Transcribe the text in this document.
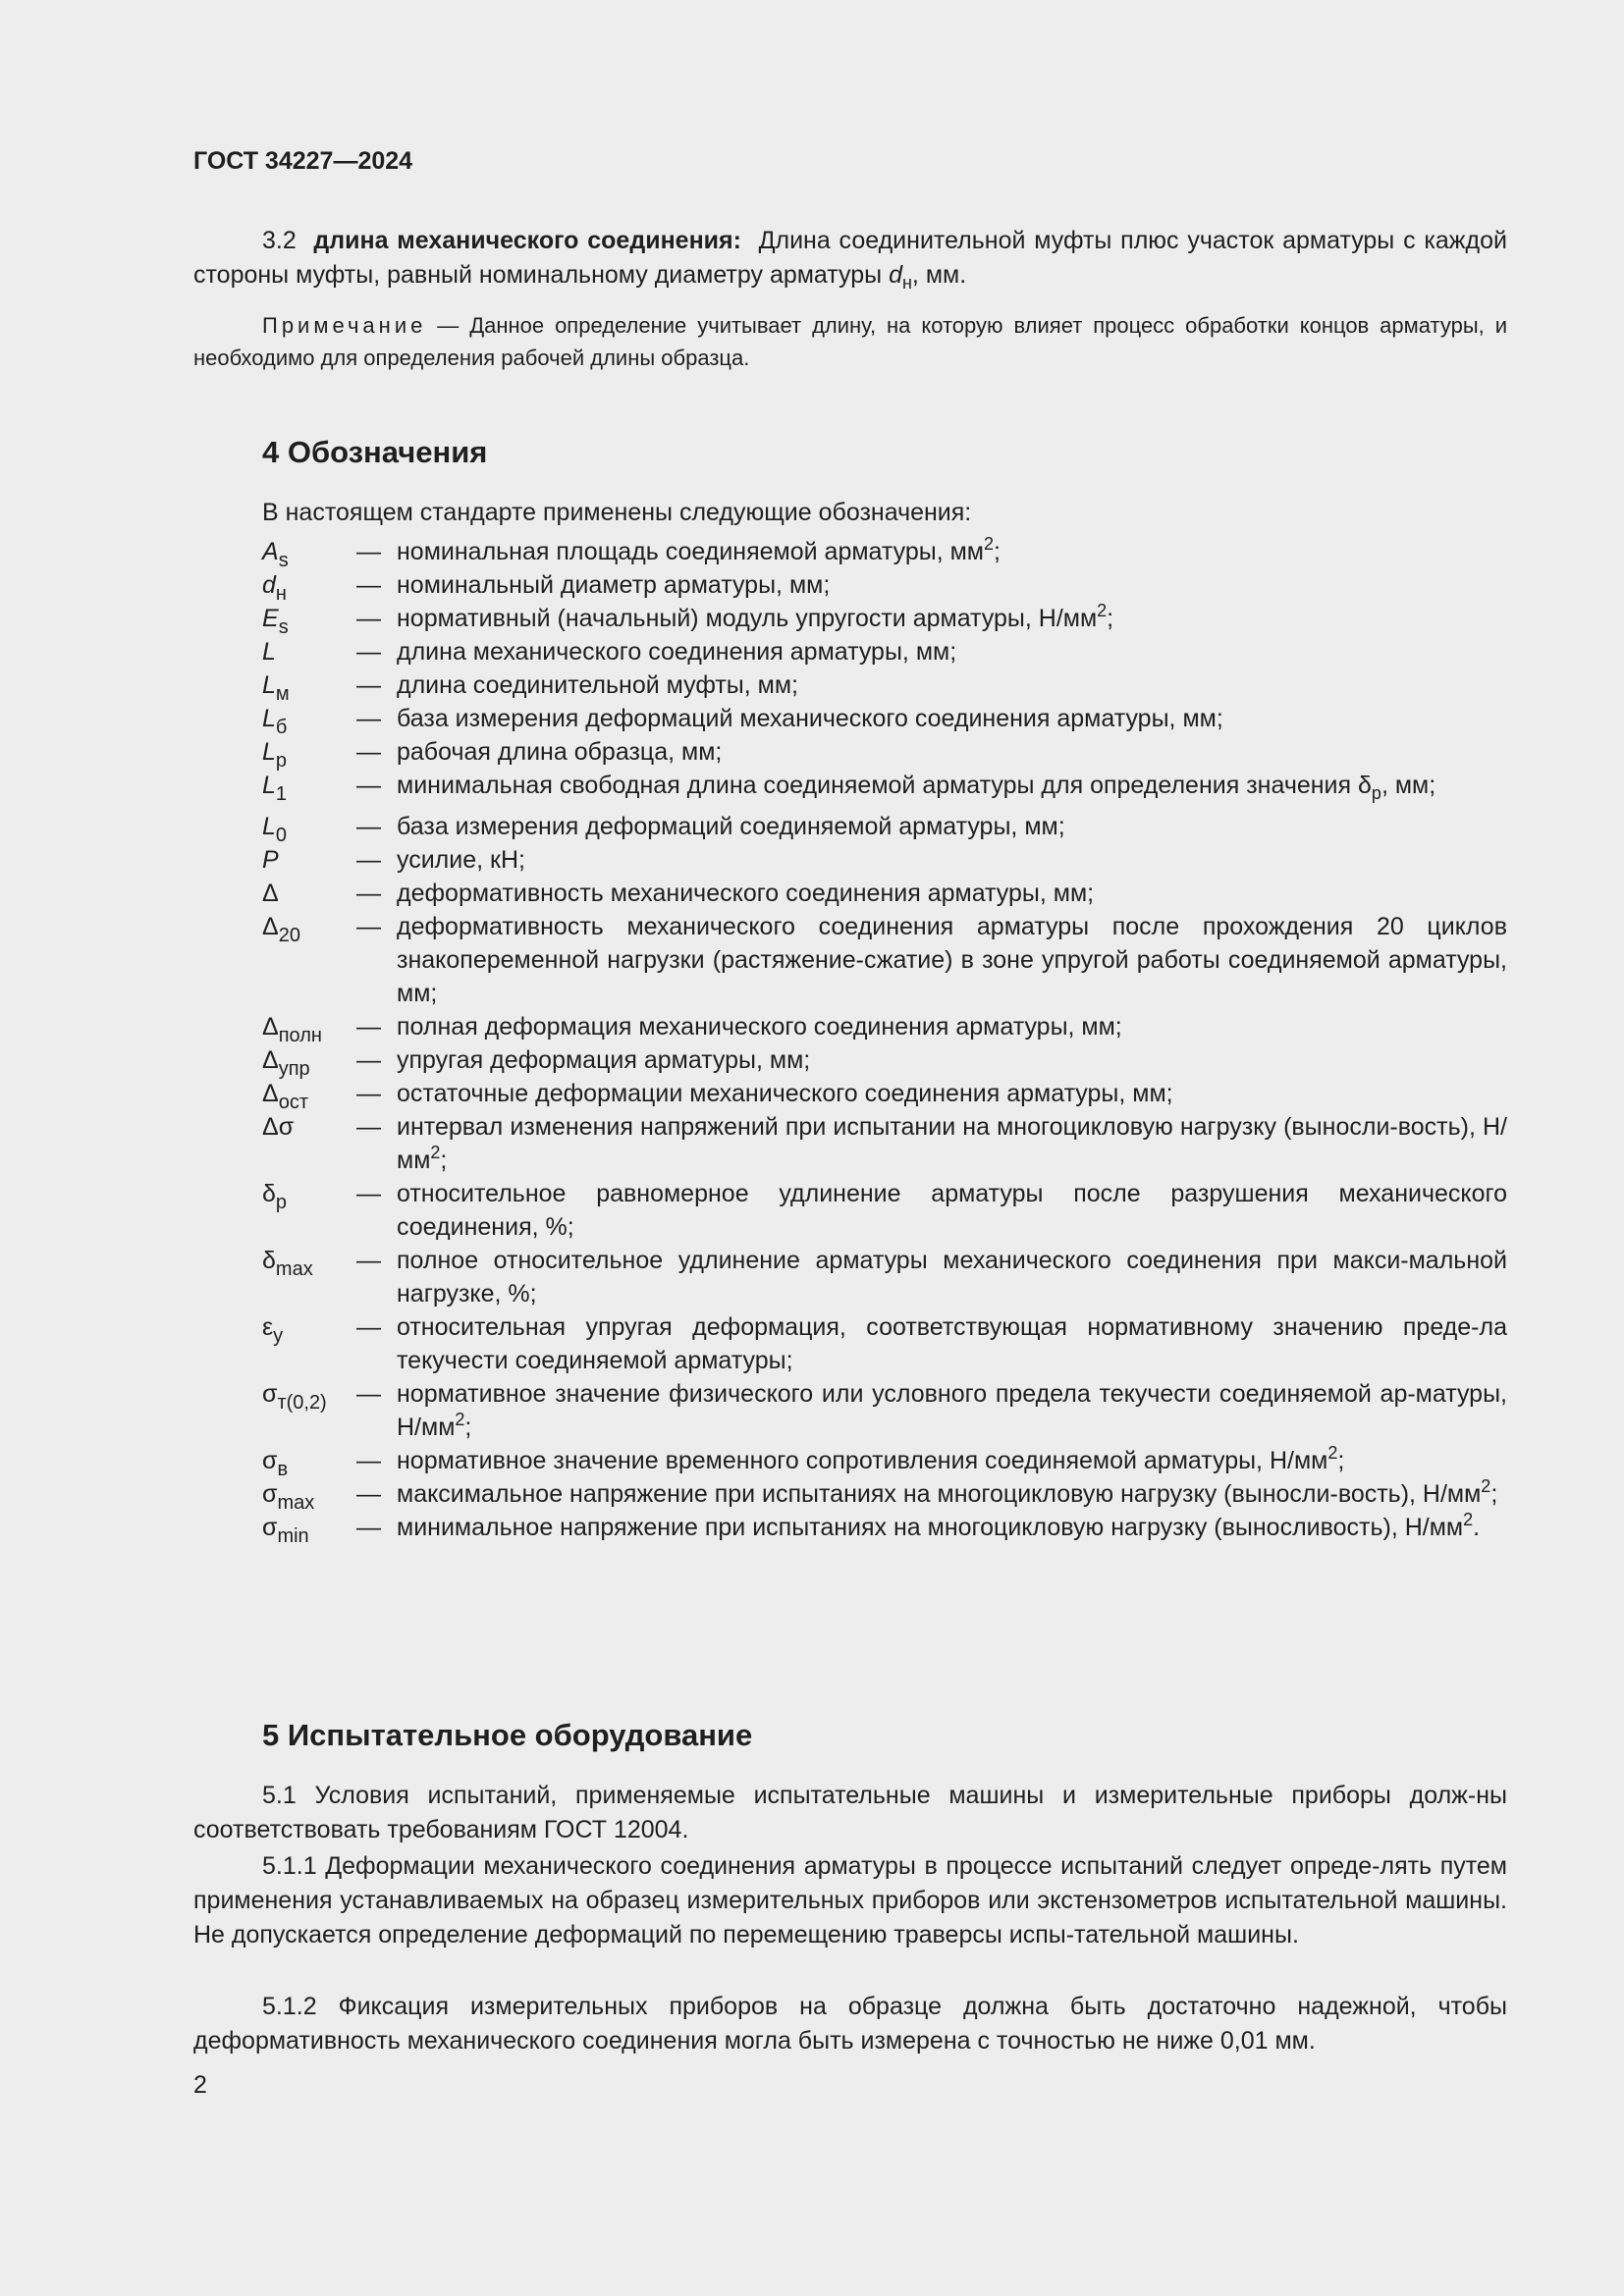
ГОСТ 34227—2024
3.2 длина механического соединения: Длина соединительной муфты плюс участок арматуры с каждой стороны муфты, равный номинальному диаметру арматуры $d_н$, мм.
Примечание — Данное определение учитывает длину, на которую влияет процесс обработки концов арматуры, и необходимо для определения рабочей длины образца.
4 Обозначения
В настоящем стандарте применены следующие обозначения:
$A_s$	— номинальная площадь соединяемой арматуры, $мм^2$;
$d_н$	— номинальный диаметр арматуры, мм;
$E_s$	— нормативный (начальный) модуль упругости арматуры, $Н/мм^2$;
L	— длина механического соединения арматуры, мм;
$L_м$	— длина соединительной муфты, мм;
$L_б$	— база измерения деформаций механического соединения арматуры, мм;
$L_р$	— рабочая длина образца, мм;
$L_1$	— минимальная свободная длина соединяемой арматуры для определения значения $\delta_р$, мм;
$L_0$	— база измерения деформаций соединяемой арматуры, мм;
P	— усилие, кН;
Δ	— деформативность механического соединения арматуры, мм;
$\Delta_{20}$	— деформативность механического соединения арматуры после прохождения 20 циклов знакопеременной нагрузки (растяжение-сжатие) в зоне упругой работы соединяемой арматуры, мм;
$\Delta_{полн}$	— полная деформация механического соединения арматуры, мм;
$\Delta_{упр}$	— упругая деформация арматуры, мм;
$\Delta_{ост}$	— остаточные деформации механического соединения арматуры, мм;
Δσ	— интервал изменения напряжений при испытании на многоцикловую нагрузку (выносли-вость), $Н/мм^2$;
$\delta_р$	— относительное равномерное удлинение арматуры после разрушения механического соединения, %;
$\delta_{max}$	— полное относительное удлинение арматуры механического соединения при макси-мальной нагрузке, %;
$\varepsilon_y$	— относительная упругая деформация, соответствующая нормативному значению преде-ла текучести соединяемой арматуры;
$\sigma_{т(0,2)}$	— нормативное значение физического или условного предела текучести соединяемой ар-матуры, $Н/мм^2$;
$\sigma_в$	— нормативное значение временного сопротивления соединяемой арматуры, $Н/мм^2$;
$\sigma_{max}$	— максимальное напряжение при испытаниях на многоцикловую нагрузку (выносли-вость), $Н/мм^2$;
$\sigma_{min}$	— минимальное напряжение при испытаниях на многоцикловую нагрузку (выносливость), $Н/мм^2$.
5 Испытательное оборудование
5.1 Условия испытаний, применяемые испытательные машины и измерительные приборы долж-ны соответствовать требованиям ГОСТ 12004.
5.1.1 Деформации механического соединения арматуры в процессе испытаний следует опреде-лять путем применения устанавливаемых на образец измерительных приборов или экстензометров испытательной машины. Не допускается определение деформаций по перемещению траверсы испы-тательной машины.
5.1.2 Фиксация измерительных приборов на образце должна быть достаточно надежной, чтобы деформативность механического соединения могла быть измерена с точностью не ниже 0,01 мм.
2
